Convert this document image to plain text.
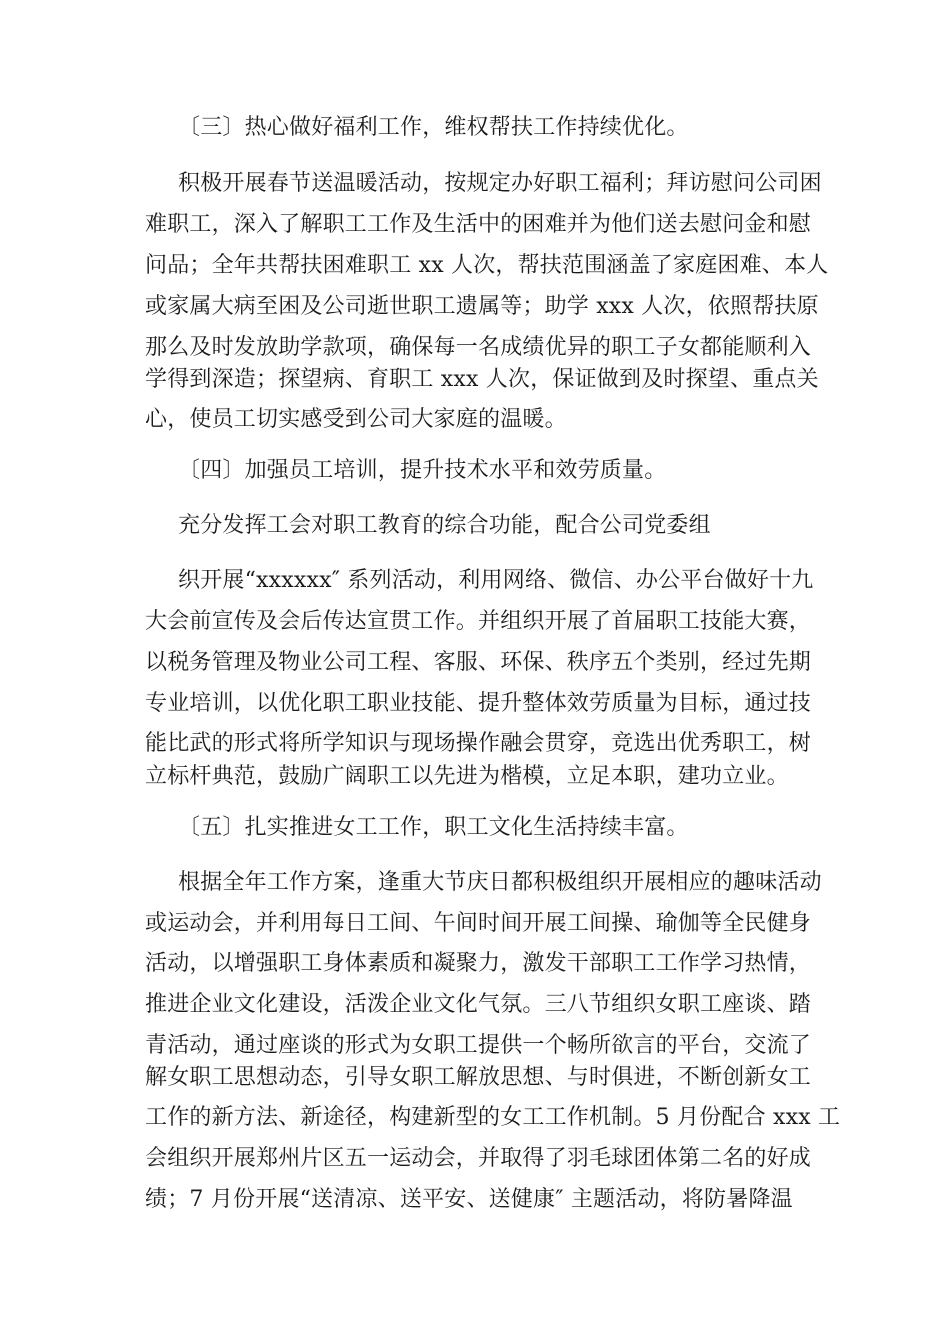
〔三〕热心做好福利工作，维权帮扶工作持续优化。
积极开展春节送温暖活动，按规定办好职工福利；拜访慰问公司困
难职工，深入了解职工工作及生活中的困难并为他们送去慰问金和慰
问品；全年共帮扶困难职工 xx 人次，帮扶范围涵盖了家庭困难、本人
或家属大病至困及公司逝世职工遗属等；助学 xxx 人次，依照帮扶原
那么及时发放助学款项，确保每一名成绩优异的职工子女都能顺利入
学得到深造；探望病、育职工 xxx 人次，保证做到及时探望、重点关
心，使员工切实感受到公司大家庭的温暖。
〔四〕加强员工培训，提升技术水平和效劳质量。
充分发挥工会对职工教育的综合功能，配合公司党委组
织开展“xxxxxx″ 系列活动，利用网络、微信、办公平台做好十九
大会前宣传及会后传达宣贯工作。并组织开展了首届职工技能大赛，
以税务管理及物业公司工程、客服、环保、秩序五个类别，经过先期
专业培训，以优化职工职业技能、提升整体效劳质量为目标，通过技
能比武的形式将所学知识与现场操作融会贯穿，竞选出优秀职工，树
立标杆典范，鼓励广阔职工以先进为楷模，立足本职，建功立业。
〔五〕扎实推进女工工作，职工文化生活持续丰富。
根据全年工作方案，逢重大节庆日都积极组织开展相应的趣味活动
或运动会，并利用每日工间、午间时间开展工间操、瑜伽等全民健身
活动，以增强职工身体素质和凝聚力，激发干部职工工作学习热情，
推进企业文化建设，活泼企业文化气氛。三八节组织女职工座谈、踏
青活动，通过座谈的形式为女职工提供一个畅所欲言的平台，交流了
解女职工思想动态，引导女职工解放思想、与时俱进，不断创新女工
工作的新方法、新途径，构建新型的女工工作机制。5 月份配合 xxx 工
会组织开展郑州片区五一运动会，并取得了羽毛球团体第二名的好成
绩；7 月份开展“送清凉、送平安、送健康″ 主题活动，将防暑降温
